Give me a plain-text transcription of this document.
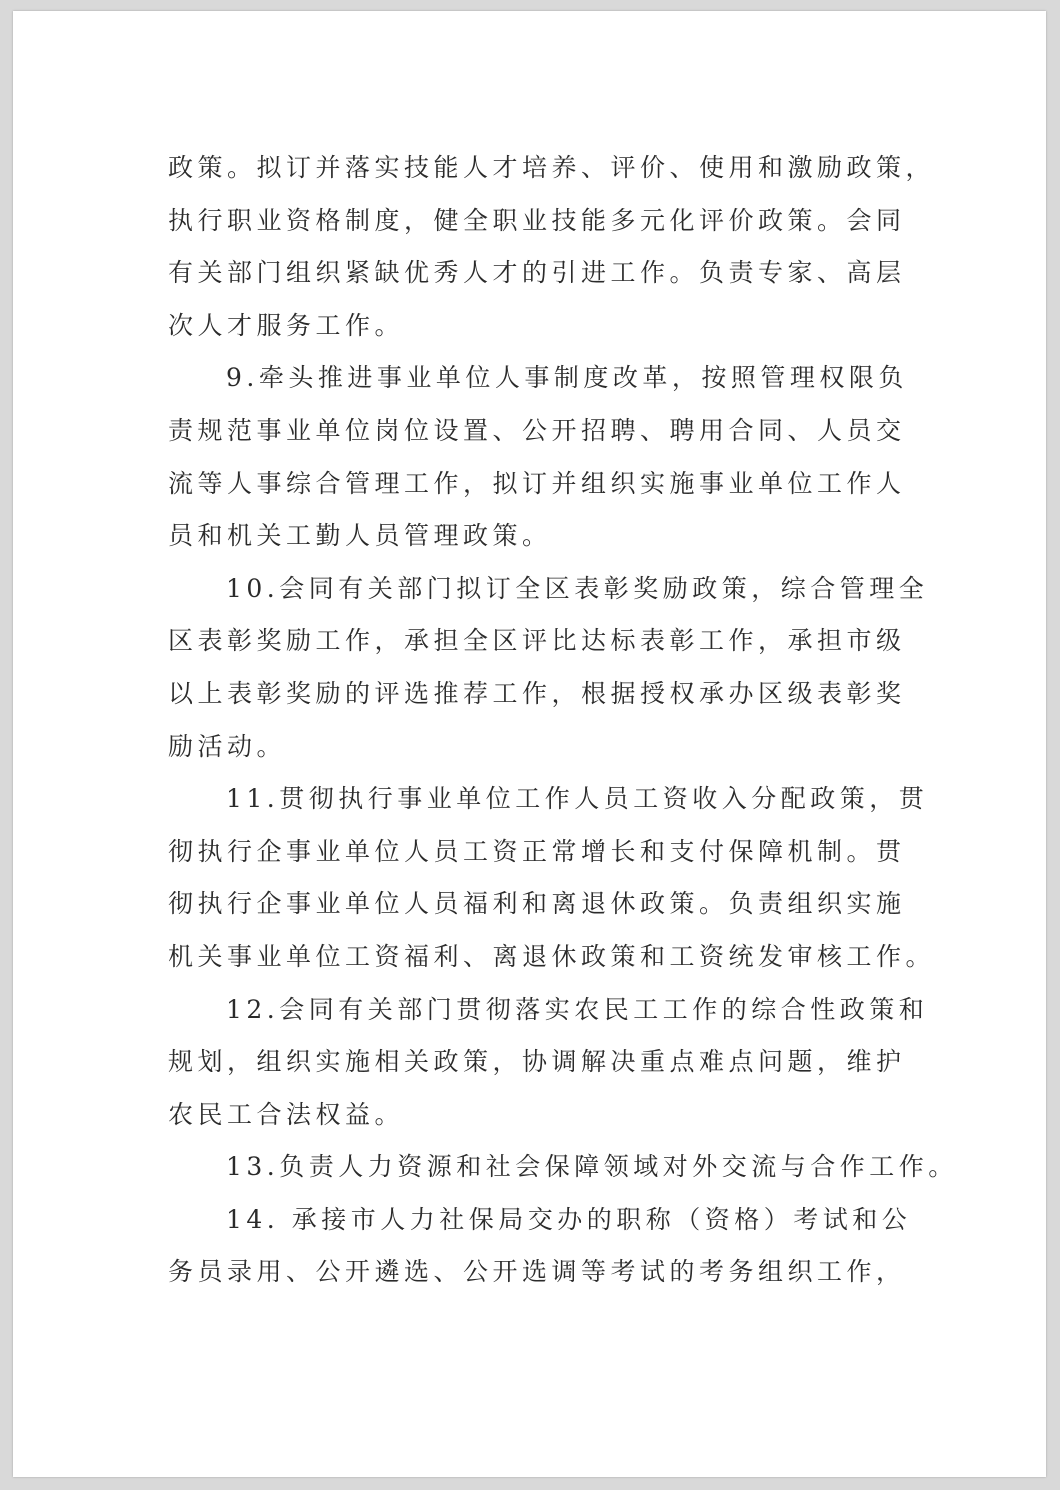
政策。拟订并落实技能人才培养、评价、使用和激励政策，
执行职业资格制度，健全职业技能多元化评价政策。会同
有关部门组织紧缺优秀人才的引进工作。负责专家、高层
次人才服务工作。
9.牵头推进事业单位人事制度改革，按照管理权限负
责规范事业单位岗位设置、公开招聘、聘用合同、人员交
流等人事综合管理工作，拟订并组织实施事业单位工作人
员和机关工勤人员管理政策。
10.会同有关部门拟订全区表彰奖励政策，综合管理全
区表彰奖励工作，承担全区评比达标表彰工作，承担市级
以上表彰奖励的评选推荐工作，根据授权承办区级表彰奖
励活动。
11.贯彻执行事业单位工作人员工资收入分配政策，贯
彻执行企事业单位人员工资正常增长和支付保障机制。贯
彻执行企事业单位人员福利和离退休政策。负责组织实施
机关事业单位工资福利、离退休政策和工资统发审核工作。
12.会同有关部门贯彻落实农民工工作的综合性政策和
规划，组织实施相关政策，协调解决重点难点问题，维护
农民工合法权益。
13.负责人力资源和社会保障领域对外交流与合作工作。
14. 承接市人力社保局交办的职称（资格）考试和公
务员录用、公开遴选、公开选调等考试的考务组织工作，
